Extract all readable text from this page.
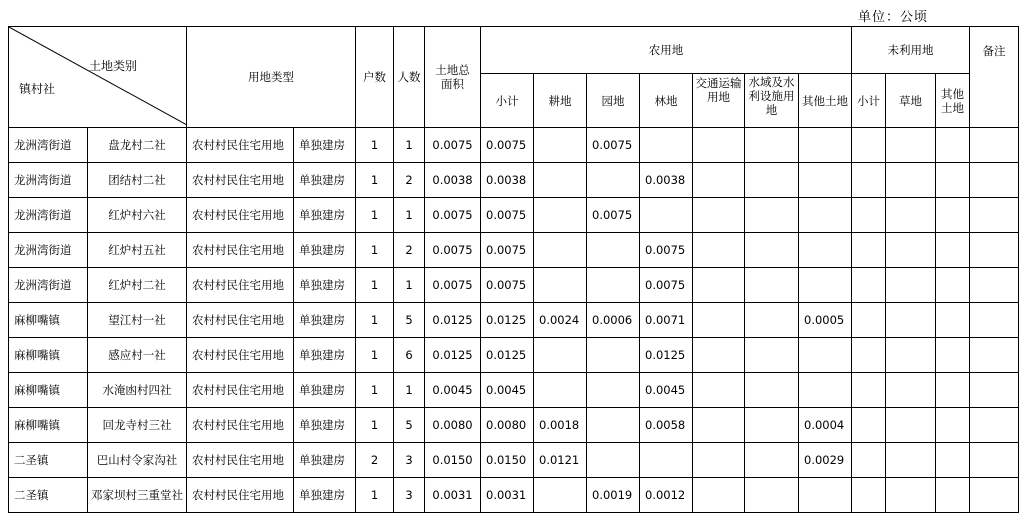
单位：公顷
土地类别
镇村社		用地类型		户数	人数	土地总面积	农用地							未利用地			备注
							小计	耕地	园地	林地	交通运输用地	水域及水利设施用地	其他土地	小计	草地	其他土地	
龙洲湾街道	盘龙村二社	农村村民住宅用地	单独建房	1	1	0.0075	0.0075		0.0075								
龙洲湾街道	团结村二社	农村村民住宅用地	单独建房	1	2	0.0038	0.0038			0.0038							
龙洲湾街道	红炉村六社	农村村民住宅用地	单独建房	1	1	0.0075	0.0075		0.0075								
龙洲湾街道	红炉村五社	农村村民住宅用地	单独建房	1	2	0.0075	0.0075			0.0075							
龙洲湾街道	红炉村二社	农村村民住宅用地	单独建房	1	1	0.0075	0.0075			0.0075							
麻柳嘴镇	望江村一社	农村村民住宅用地	单独建房	1	5	0.0125	0.0125	0.0024	0.0006	0.0071			0.0005				
麻柳嘴镇	感应村一社	农村村民住宅用地	单独建房	1	6	0.0125	0.0125			0.0125							
麻柳嘴镇	水淹凼村四社	农村村民住宅用地	单独建房	1	1	0.0045	0.0045			0.0045							
麻柳嘴镇	回龙寺村三社	农村村民住宅用地	单独建房	1	5	0.0080	0.0080	0.0018		0.0058			0.0004				
二圣镇	巴山村令家沟社	农村村民住宅用地	单独建房	2	3	0.0150	0.0150	0.0121					0.0029				
二圣镇	邓家坝村三重堂社	农村村民住宅用地	单独建房	1	3	0.0031	0.0031		0.0019	0.0012							
